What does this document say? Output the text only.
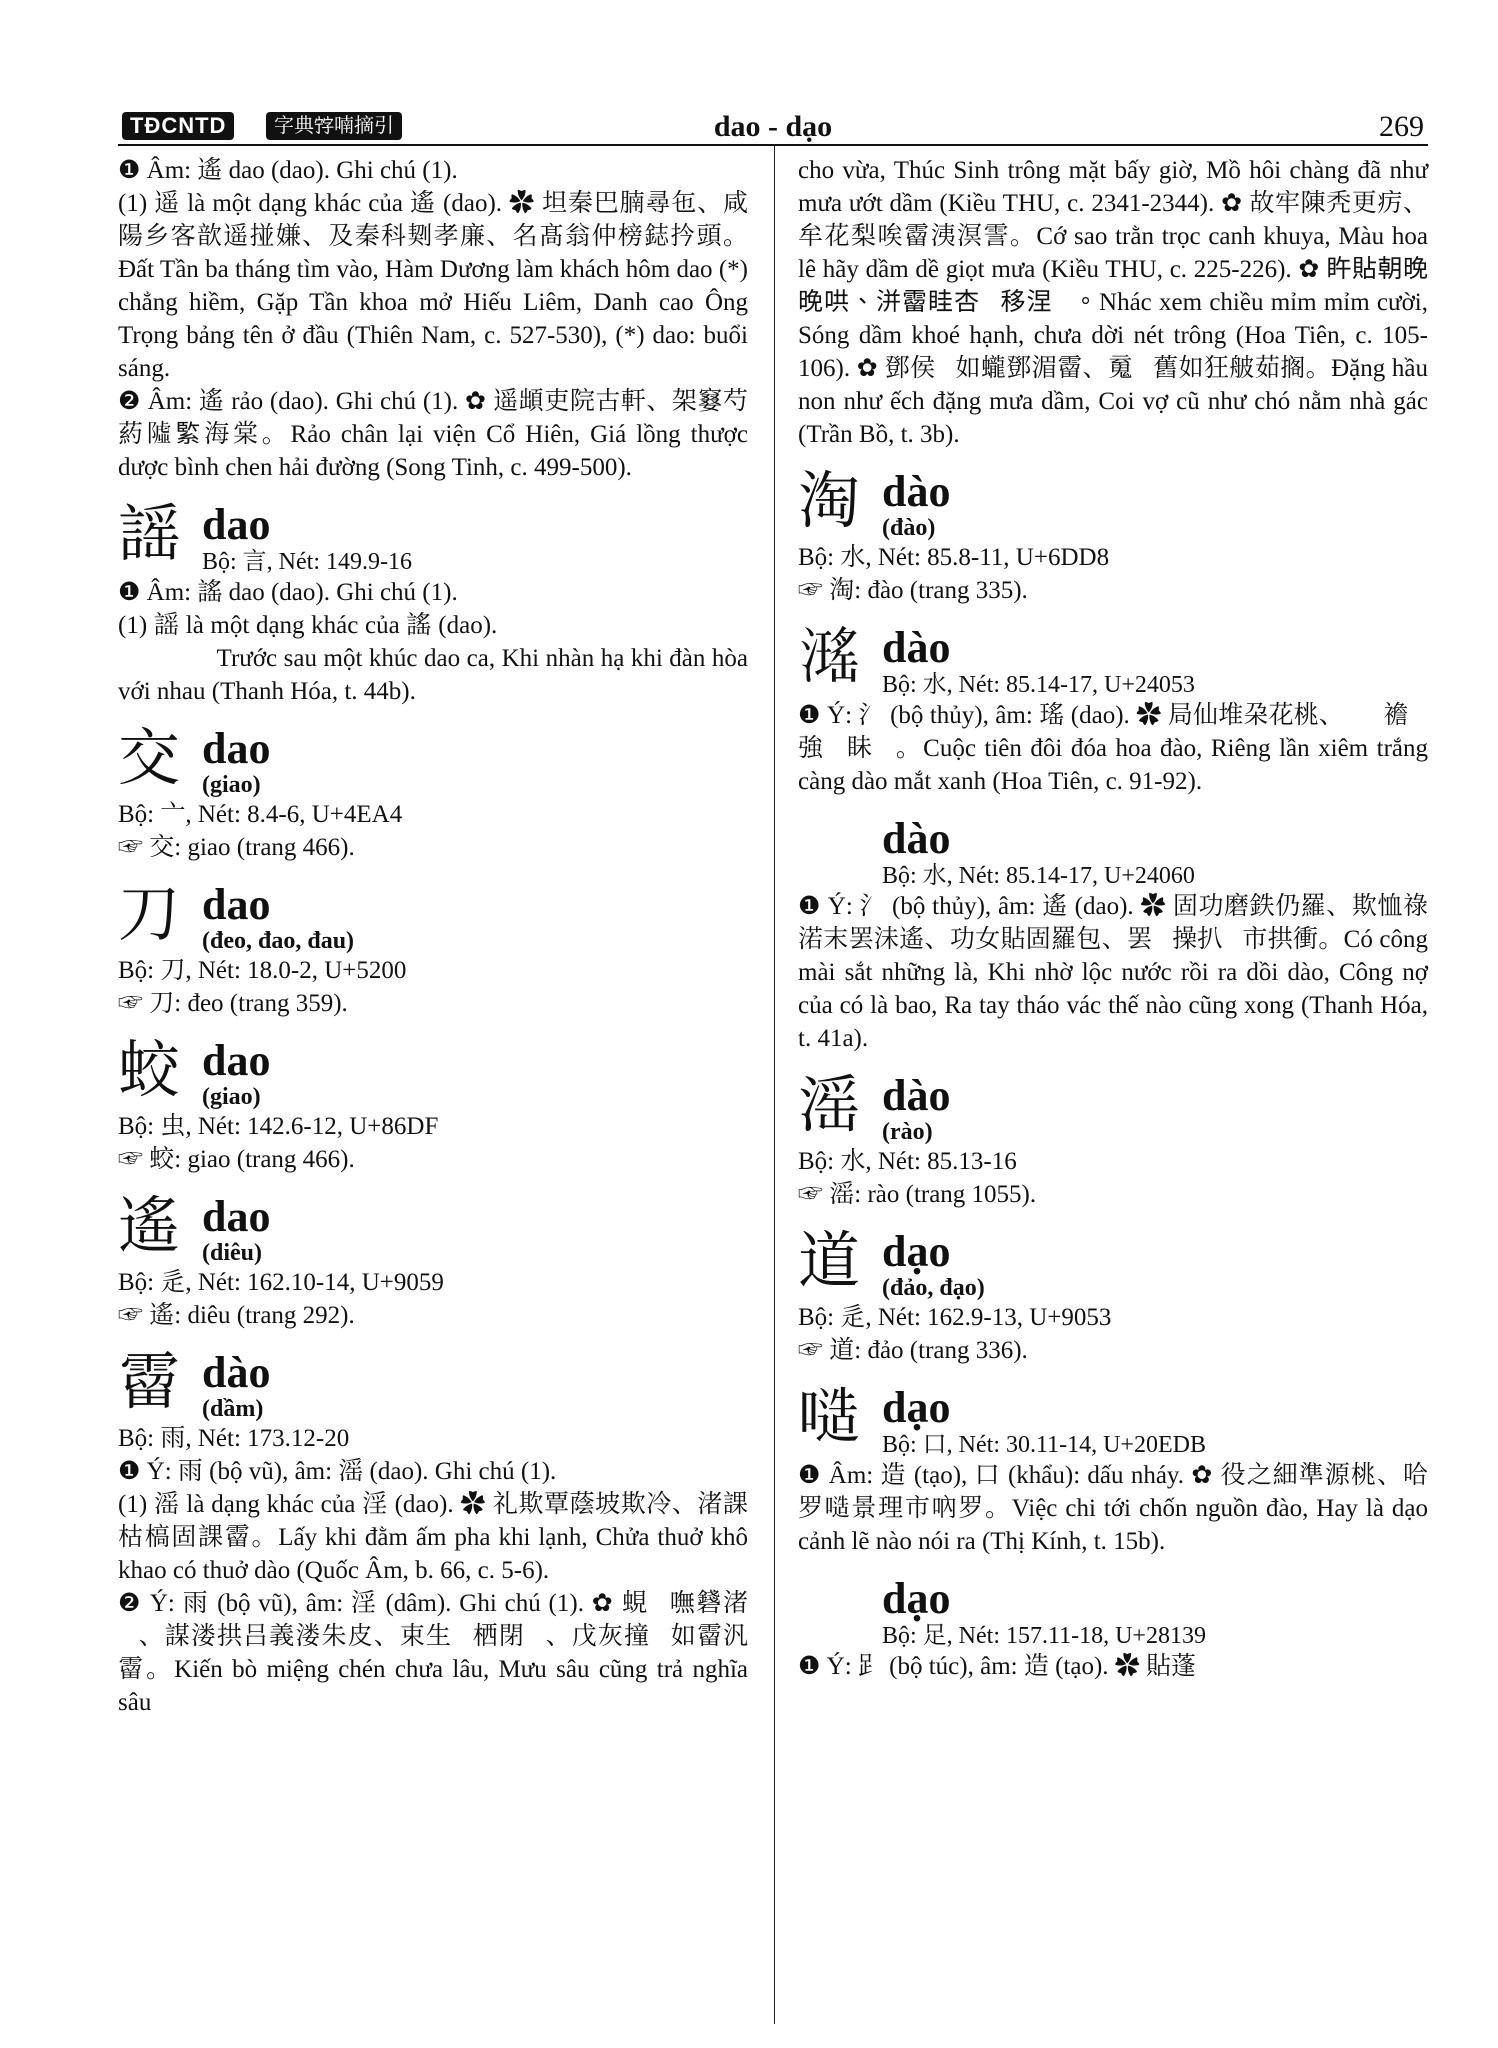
TĐCNTD	字典𡨸喃摘引	dao - dạo	269
❶ Âm: 遙 dao (dao). Ghi chú (1).
(1) 遥 là một dạng khác của 遙 (dao). ✿ 坦秦巴腩尋㐌、咸陽乡客歆遥掽嫌、及秦科㓶孝廉、名髙翁仲榜鋕扲頭。Đất Tần ba tháng tìm vào, Hàm Dương làm khách hôm dao (*) chẳng hiềm, Gặp Tần khoa mở Hiếu Liêm, Danh cao Ông Trọng bảng tên ở đầu (Thiên Nam, c. 527-530), (*) dao: buổi sáng.
❷ Âm: 遙 rảo (dao). Ghi chú (1). ✿ 遥䪼吏院古軒、架䆯芍葯𨼋𦂳海棠。Rảo chân lại viện Cổ Hiên, Giá lồng thược dược bình chen hải đường (Song Tinh, c. 499-500).
謡 dao
Bộ: 言, Nét: 149.9-16
❶ Âm: 謠 dao (dao). Ghi chú (1).
(1) 謡 là một dạng khác của 謠 (dao). ✿ 𦛌𪀄没曲謡歌、欺閒暇欺弹和貝鐃。Trước sau một khúc dao ca, Khi nhàn hạ khi đàn hòa với nhau (Thanh Hóa, t. 44b).
交 dao
(giao)
Bộ: 亠, Nét: 8.4-6, U+4EA4
☞ 交: giao (trang 466).
刀 dao
(đeo, đao, đau)
Bộ: 刀, Nét: 18.0-2, U+5200
☞ 刀: đeo (trang 359).
蛟 dao
(giao)
Bộ: 虫, Nét: 142.6-12, U+86DF
☞ 蛟: giao (trang 466).
遙 dao
(diêu)
Bộ: 辵, Nét: 162.10-14, U+9059
☞ 遙: diêu (trang 292).
霤 dào
(dầm)
Bộ: 雨, Nét: 173.12-20
❶ Ý: 雨 (bộ vũ), âm: 滛 (dao). Ghi chú (1).
(1) 滛 là dạng khác của 淫 (dao). ✿ 礼欺覃蔭坡欺冷、渚課枯槁固課霤。Lấy khi đằm ấm pha khi lạnh, Chửa thuở khô khao có thuở dào (Quốc Âm, b. 66, c. 5-6).
❷ Ý: 雨 (bộ vũ), âm: 淫 (dâm). Ghi chú (1). ✿ 蜆𨀈嘸𥗛渚𡢐、謀溇拱吕義溇朱皮、束生𥇸栖閉𣍊、戊灰撞𤯩如霤汎霤。Kiến bò miệng chén chưa lâu, Mưu sâu cũng trả nghĩa sâu
cho vừa, Thúc Sinh trông mặt bấy giờ, Mồ hôi chàng đã như mưa ướt dầm (Kiều THU, c. 2341-2344). ✿ 故牢陳秃更疠、牟花梨唉霤洟溟霅。Cớ sao trằn trọc canh khuya, Màu hoa lê hãy dầm dề giọt mưa (Kiều THU, c. 225-226). ✿ 𥄭貼朝晚晚哄、洴霤眭杏𦗏移涅𩈘。Nhác xem chiều mỉm mỉm cười, Sóng dầm khoé hạnh, chưa dời nét trông (Hoa Tiên, c. 105-106). ✿ 鄧侯𧆟如蠬鄧湄霤、䰟𡟋舊如狂𦨭茹搁。Đặng hầu non như ếch đặng mưa dầm, Coi vợ cũ như chó nằm nhà gác (Trần Bồ, t. 3b).
淘 dào
(đào)
Bộ: 水, Nét: 85.8-11, U+6DD8
☞ 淘: đào (trang 335).
𤁓 dào
Bộ: 水, Nét: 85.14-17, U+24053
❶ Ý: 氵 (bộ thủy), âm: 瑤 (dao). ✿ 局仙堆朶花桃、𥘷𤀞襜𣇞強𤁓眛𦠄。Cuộc tiên đôi đóa hoa đào, Riêng lần xiêm trắng càng dào mắt xanh (Hoa Tiên, c. 91-92).
𤁠 dào
Bộ: 水, Nét: 85.14-17, U+24060
❶ Ý: 氵 (bộ thủy), âm: 遙 (dao). ✿ 固功磨鉄仍羅、欺恤祿渃末罢沬遙、功女貼固羅包、罢𢬣操扒𤤰市拱衝。Có công mài sắt những là, Khi nhờ lộc nước rồi ra dồi dào, Công nợ của có là bao, Ra tay tháo vác thế nào cũng xong (Thanh Hóa, t. 41a).
滛 dào
(rào)
Bộ: 水, Nét: 85.13-16
☞ 滛: rào (trang 1055).
道 dạo
(đảo, đạo)
Bộ: 辵, Nét: 162.9-13, U+9053
☞ 道: đảo (trang 336).
𠻛 dạo
Bộ: 口, Nét: 30.11-14, U+20EDB
❶ Âm: 造 (tạo), 口 (khẩu): dấu nháy. ✿ 役之細準源桃、哈罗𠻛景理市吶罗。Việc chi tới chốn nguồn đào, Hay là dạo cảnh lẽ nào nói ra (Thị Kính, t. 15b).
𨅹 dạo
Bộ: 足, Nét: 157.11-18, U+28139
❶ Ý: 𧾷 (bộ túc), âm: 造 (tạo). ✿ 貼蓬
